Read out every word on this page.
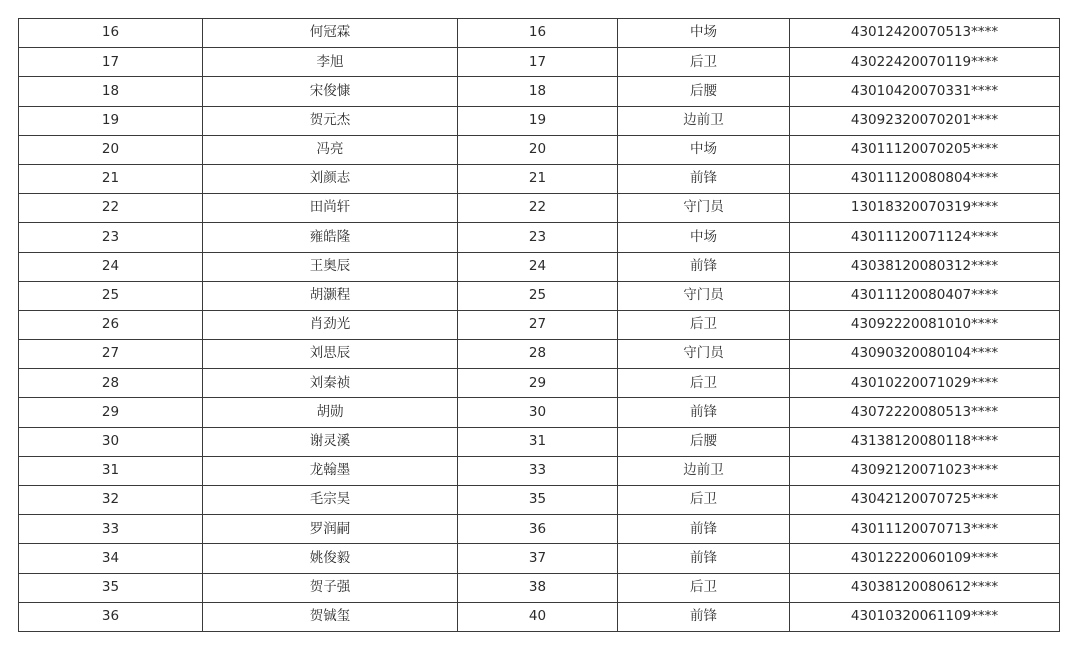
16	何冠霖	16	中场	43012420070513****
17	李旭	17	后卫	43022420070119****
18	宋俊慷	18	后腰	43010420070331****
19	贺元杰	19	边前卫	43092320070201****
20	冯亮	20	中场	43011120070205****
21	刘颜志	21	前锋	43011120080804****
22	田尚轩	22	守门员	13018320070319****
23	雍皓隆	23	中场	43011120071124****
24	王奥辰	24	前锋	43038120080312****
25	胡灏程	25	守门员	43011120080407****
26	肖劲光	27	后卫	43092220081010****
27	刘思辰	28	守门员	43090320080104****
28	刘秦祯	29	后卫	43010220071029****
29	胡勋	30	前锋	43072220080513****
30	谢灵溪	31	后腰	43138120080118****
31	龙翰墨	33	边前卫	43092120071023****
32	毛宗昊	35	后卫	43042120070725****
33	罗润嗣	36	前锋	43011120070713****
34	姚俊毅	37	前锋	43012220060109****
35	贺子强	38	后卫	43038120080612****
36	贺铖玺	40	前锋	43010320061109****
